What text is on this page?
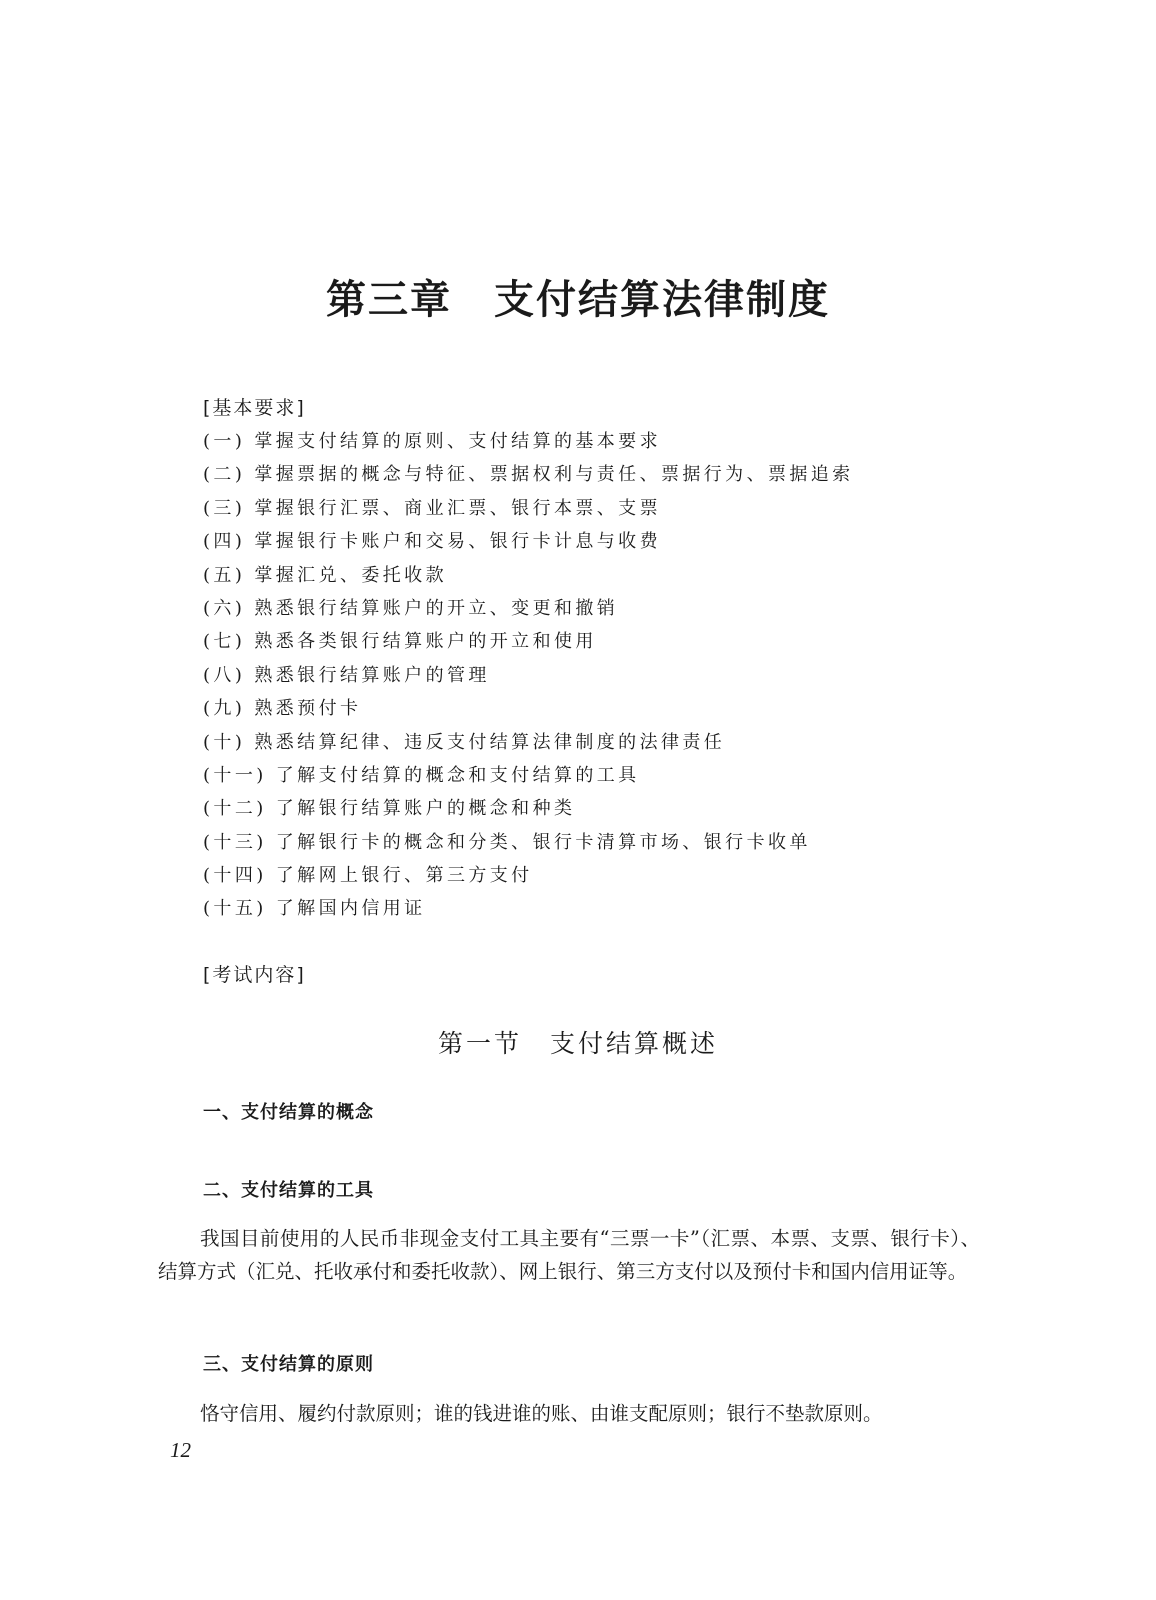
第三章　支付结算法律制度
[基本要求]
(一) 掌握支付结算的原则、支付结算的基本要求
(二) 掌握票据的概念与特征、票据权利与责任、票据行为、票据追索
(三) 掌握银行汇票、商业汇票、银行本票、支票
(四) 掌握银行卡账户和交易、银行卡计息与收费
(五) 掌握汇兑、委托收款
(六) 熟悉银行结算账户的开立、变更和撤销
(七) 熟悉各类银行结算账户的开立和使用
(八) 熟悉银行结算账户的管理
(九) 熟悉预付卡
(十) 熟悉结算纪律、违反支付结算法律制度的法律责任
(十一) 了解支付结算的概念和支付结算的工具
(十二) 了解银行结算账户的概念和种类
(十三) 了解银行卡的概念和分类、银行卡清算市场、银行卡收单
(十四) 了解网上银行、第三方支付
(十五) 了解国内信用证
[考试内容]
第一节　支付结算概述
一、支付结算的概念
二、支付结算的工具

我国目前使用的人民币非现金支付工具主要有“三票一卡”（汇票、本票、支票、银行卡）、结算方式（汇兑、托收承付和委托收款）、网上银行、第三方支付以及预付卡和国内信用证等。

三、支付结算的原则

恪守信用、履约付款原则；谁的钱进谁的账、由谁支配原则；银行不垫款原则。

12
